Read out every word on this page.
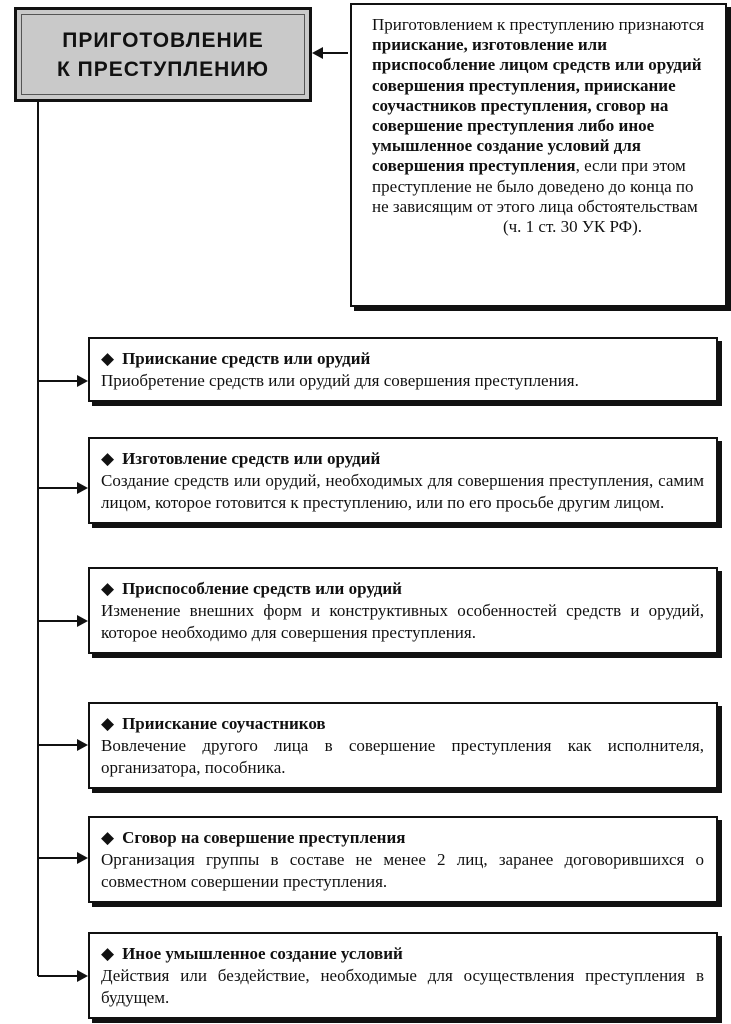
ПРИГОТОВЛЕНИЕ
К ПРЕСТУПЛЕНИЮ
Приготовлением к преступлению признаются приискание, изготовление или приспособление лицом средств или орудий совершения преступления, приискание соучастников преступления, сговор на совершение преступления либо иное умышленное создание условий для совершения преступления, если при этом преступление не было доведено до конца по не зависящим от этого лица обстоятельствам
(ч. 1 ст. 30 УК РФ).
◆ Приискание средств или орудий
Приобретение средств или орудий для совершения преступления.
◆ Изготовление средств или орудий
Создание средств или орудий, необходимых для совершения преступления, самим лицом, которое готовится к преступлению, или по его просьбе другим лицом.
◆ Приспособление средств или орудий
Изменение внешних форм и конструктивных особенностей средств и орудий, которое необходимо для совершения преступления.
◆ Приискание соучастников
Вовлечение другого лица в совершение преступления как исполнителя, организатора, пособника.
◆ Сговор на совершение преступления
Организация группы в составе не менее 2 лиц, заранее договорившихся о совместном совершении преступления.
◆ Иное умышленное создание условий
Действия или бездействие, необходимые для осуществления преступления в будущем.
